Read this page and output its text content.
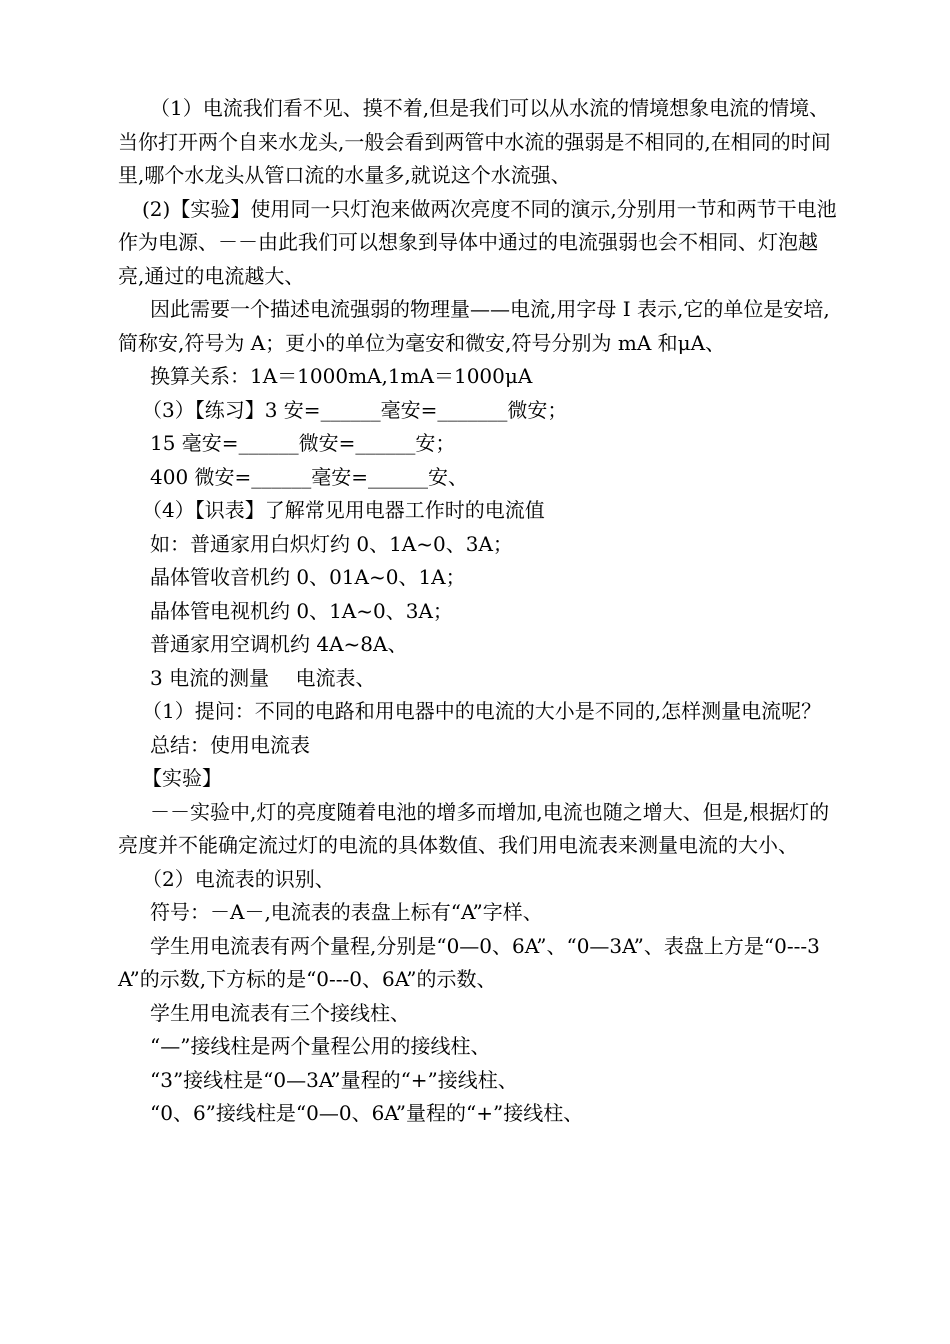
（1）电流我们看不见、摸不着,但是我们可以从水流的情境想象电流的情境、当你打开两个自来水龙头,一般会看到两管中水流的强弱是不相同的,在相同的时间里,哪个水龙头从管口流的水量多,就说这个水流强、

(2)【实验】使用同一只灯泡来做两次亮度不同的演示,分别用一节和两节干电池作为电源、－－由此我们可以想象到导体中通过的电流强弱也会不相同、灯泡越亮,通过的电流越大、

因此需要一个描述电流强弱的物理量——电流,用字母 I 表示,它的单位是安培,简称安,符号为 A；更小的单位为毫安和微安,符号分别为 mA 和μA、

换算关系：1A＝1000mA,1mA＝1000μA

（3）【练习】3 安=______毫安=_______微安；

15 毫安=______微安=______安；

400 微安=______毫安=______安、

（4）【识表】了解常见用电器工作时的电流值

如：普通家用白炽灯约 0、1A~0、3A；

晶体管收音机约 0、01A~0、1A；

晶体管电视机约 0、1A~0、3A；

普通家用空调机约 4A~8A、

3 电流的测量　 电流表、

（1）提问：不同的电路和用电器中的电流的大小是不同的,怎样测量电流呢？

总结：使用电流表

【实验】

－－实验中,灯的亮度随着电池的增多而增加,电流也随之增大、但是,根据灯的亮度并不能确定流过灯的电流的具体数值、我们用电流表来测量电流的大小、

（2）电流表的识别、

符号：－A－,电流表的表盘上标有“A”字样、

学生用电流表有两个量程,分别是“0—0、6A”、“0—3A”、表盘上方是“0---3A”的示数,下方标的是“0---0、6A”的示数、

学生用电流表有三个接线柱、

“—”接线柱是两个量程公用的接线柱、

“3”接线柱是“0—3A”量程的“+”接线柱、

“0、6”接线柱是“0—0、6A”量程的“+”接线柱、
